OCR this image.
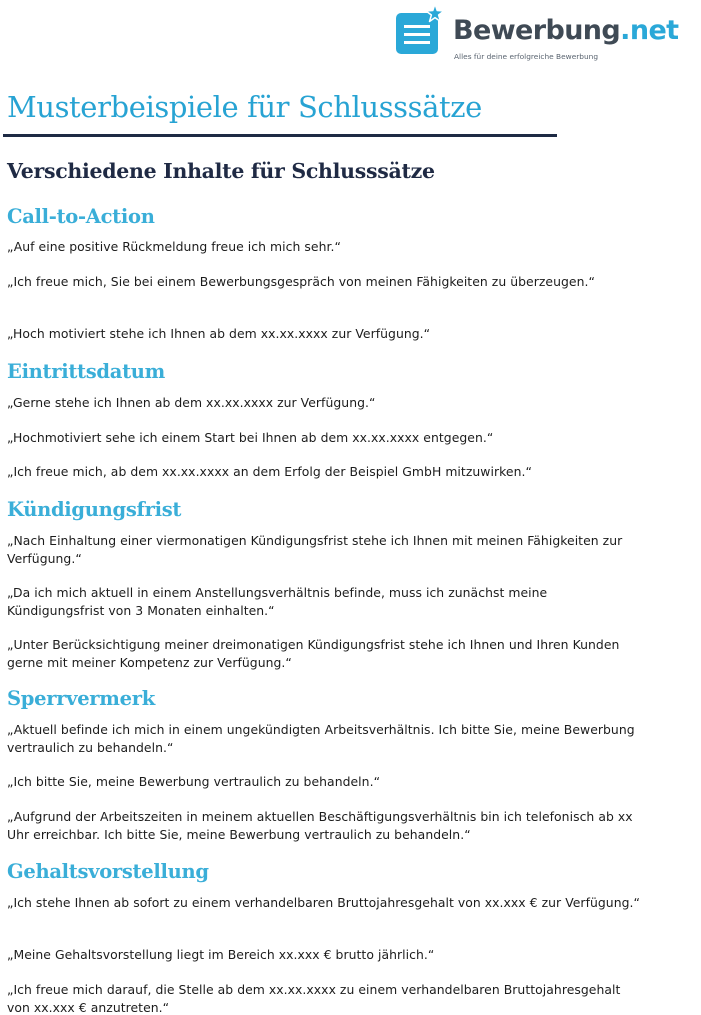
Bewerbung.net
Alles für deine erfolgreiche Bewerbung
Musterbeispiele für Schlusssätze
Verschiedene Inhalte für Schlusssätze
Call-to-Action

„Auf eine positive Rückmeldung freue ich mich sehr.“

„Ich freue mich, Sie bei einem Bewerbungsgespräch von meinen Fähigkeiten zu überzeugen.“

„Hoch motiviert stehe ich Ihnen ab dem xx.xx.xxxx zur Verfügung.“

Eintrittsdatum

„Gerne stehe ich Ihnen ab dem xx.xx.xxxx zur Verfügung.“

„Hochmotiviert sehe ich einem Start bei Ihnen ab dem xx.xx.xxxx entgegen.“

„Ich freue mich, ab dem xx.xx.xxxx an dem Erfolg der Beispiel GmbH mitzuwirken.“

Kündigungsfrist

„Nach Einhaltung einer viermonatigen Kündigungsfrist stehe ich Ihnen mit meinen Fähigkeiten zur Verfügung.“

„Da ich mich aktuell in einem Anstellungsverhältnis befinde, muss ich zunächst meine Kündigungsfrist von 3 Monaten einhalten.“

„Unter Berücksichtigung meiner dreimonatigen Kündigungsfrist stehe ich Ihnen und Ihren Kunden gerne mit meiner Kompetenz zur Verfügung.“

Sperrvermerk

„Aktuell befinde ich mich in einem ungekündigten Arbeitsverhältnis. Ich bitte Sie, meine Bewerbung vertraulich zu behandeln.“

„Ich bitte Sie, meine Bewerbung vertraulich zu behandeln.“

„Aufgrund der Arbeitszeiten in meinem aktuellen Beschäftigungsverhältnis bin ich telefonisch ab xx Uhr erreichbar. Ich bitte Sie, meine Bewerbung vertraulich zu behandeln.“

Gehaltsvorstellung

„Ich stehe Ihnen ab sofort zu einem verhandelbaren Bruttojahresgehalt von xx.xxx € zur Verfügung.“

„Meine Gehaltsvorstellung liegt im Bereich xx.xxx € brutto jährlich.“

„Ich freue mich darauf, die Stelle ab dem xx.xx.xxxx zu einem verhandelbaren Bruttojahresgehalt von xx.xxx € anzutreten.“
